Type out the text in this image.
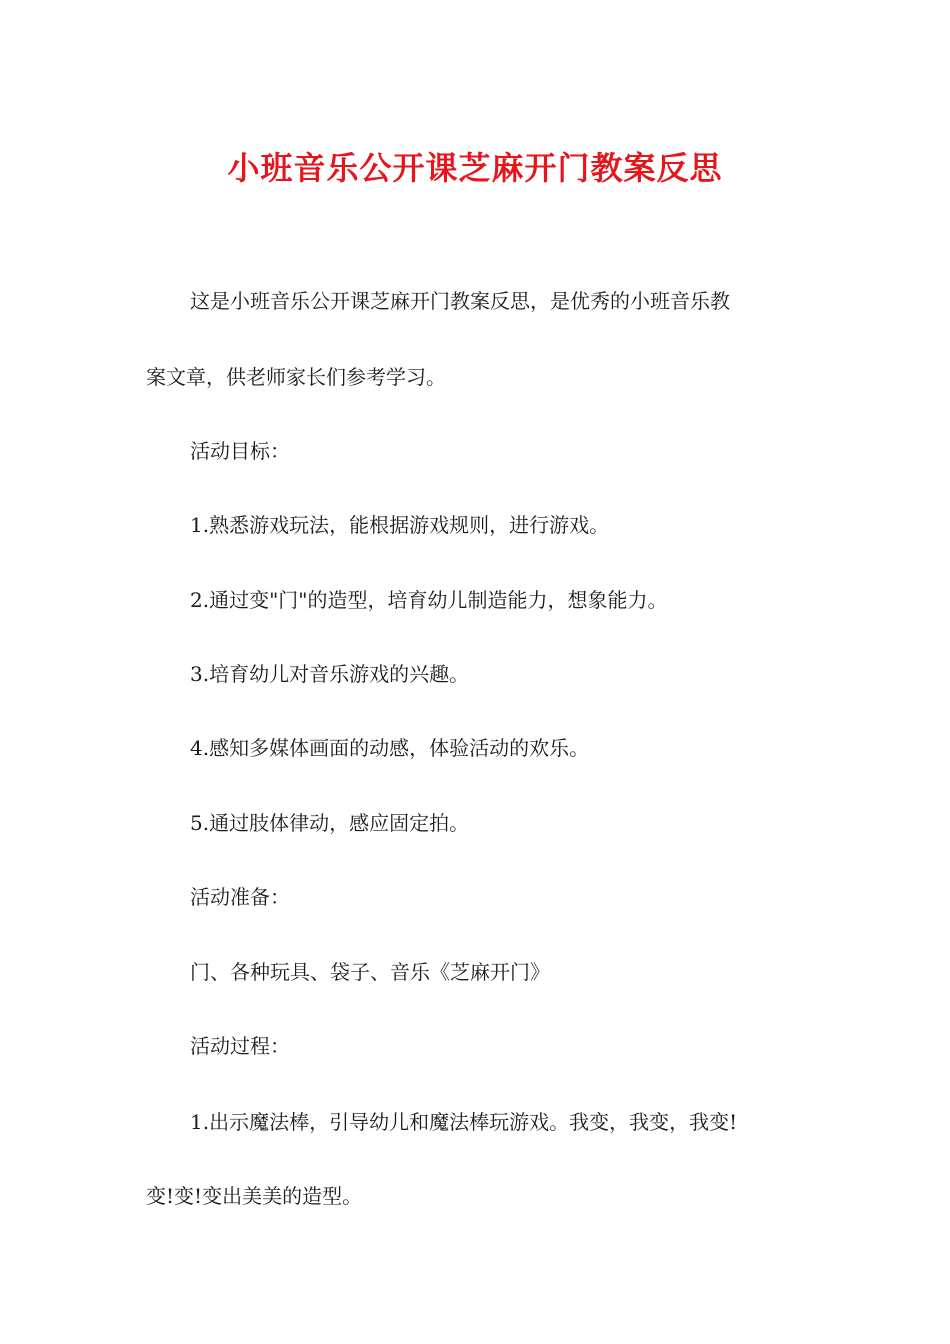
小班音乐公开课芝麻开门教案反思
这是小班音乐公开课芝麻开门教案反思，是优秀的小班音乐教
案文章，供老师家长们参考学习。
活动目标：
1.熟悉游戏玩法，能根据游戏规则，进行游戏。
2.通过变"门"的造型，培育幼儿制造能力，想象能力。
3.培育幼儿对音乐游戏的兴趣。
4.感知多媒体画面的动感，体验活动的欢乐。
5.通过肢体律动，感应固定拍。
活动准备：
门、各种玩具、袋子、音乐《芝麻开门》
活动过程：
1.出示魔法棒，引导幼儿和魔法棒玩游戏。我变，我变，我变!
变!变!变出美美的造型。
